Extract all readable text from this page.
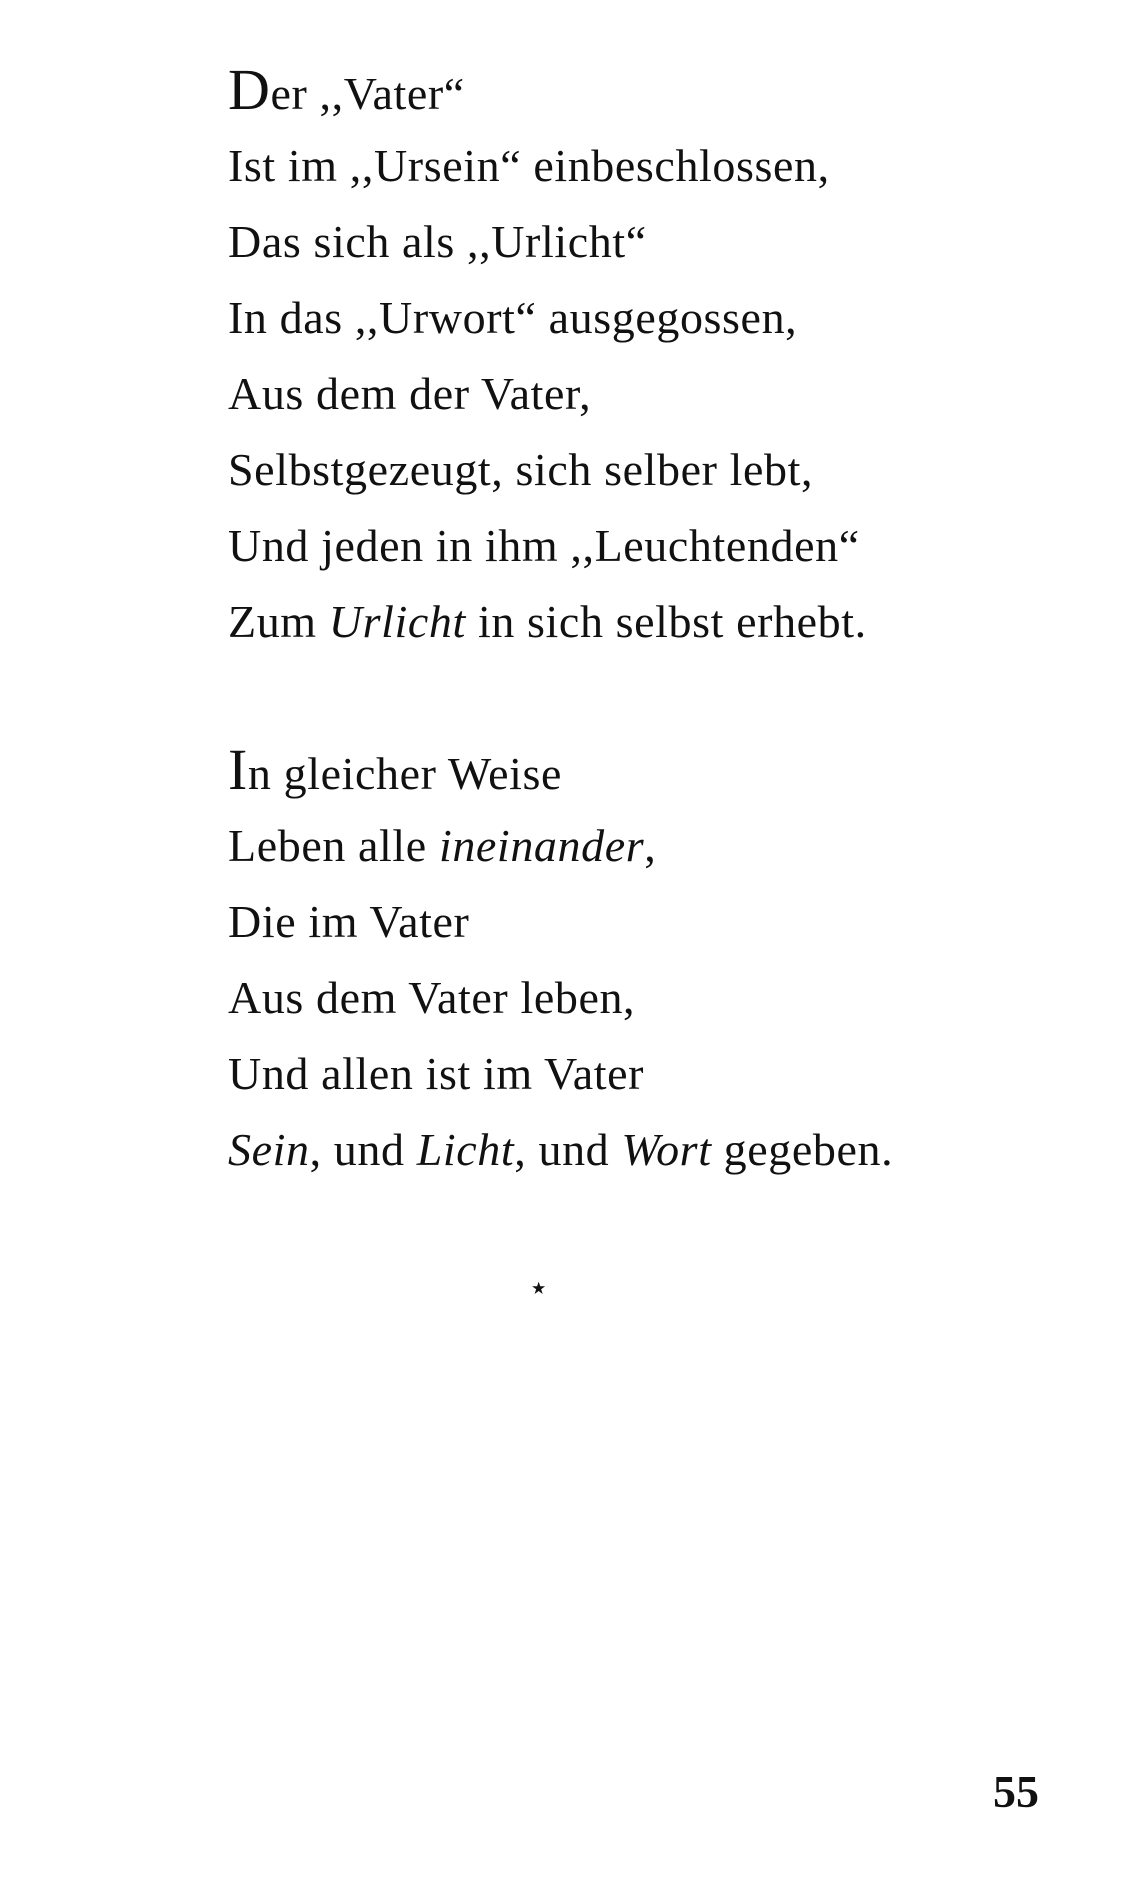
Der ,,Vater“
Ist im ,,Ursein“ einbeschlossen,
Das sich als ,,Urlicht“
In das ,,Urwort“ ausgegossen,
Aus dem der Vater,
Selbstgezeugt, sich selber lebt,
Und jeden in ihm ,,Leuchtenden“
Zum Urlicht in sich selbst erhebt.
In gleicher Weise
Leben alle ineinander,
Die im Vater
Aus dem Vater leben,
Und allen ist im Vater
Sein, und Licht, und Wort gegeben.
⋆
55
